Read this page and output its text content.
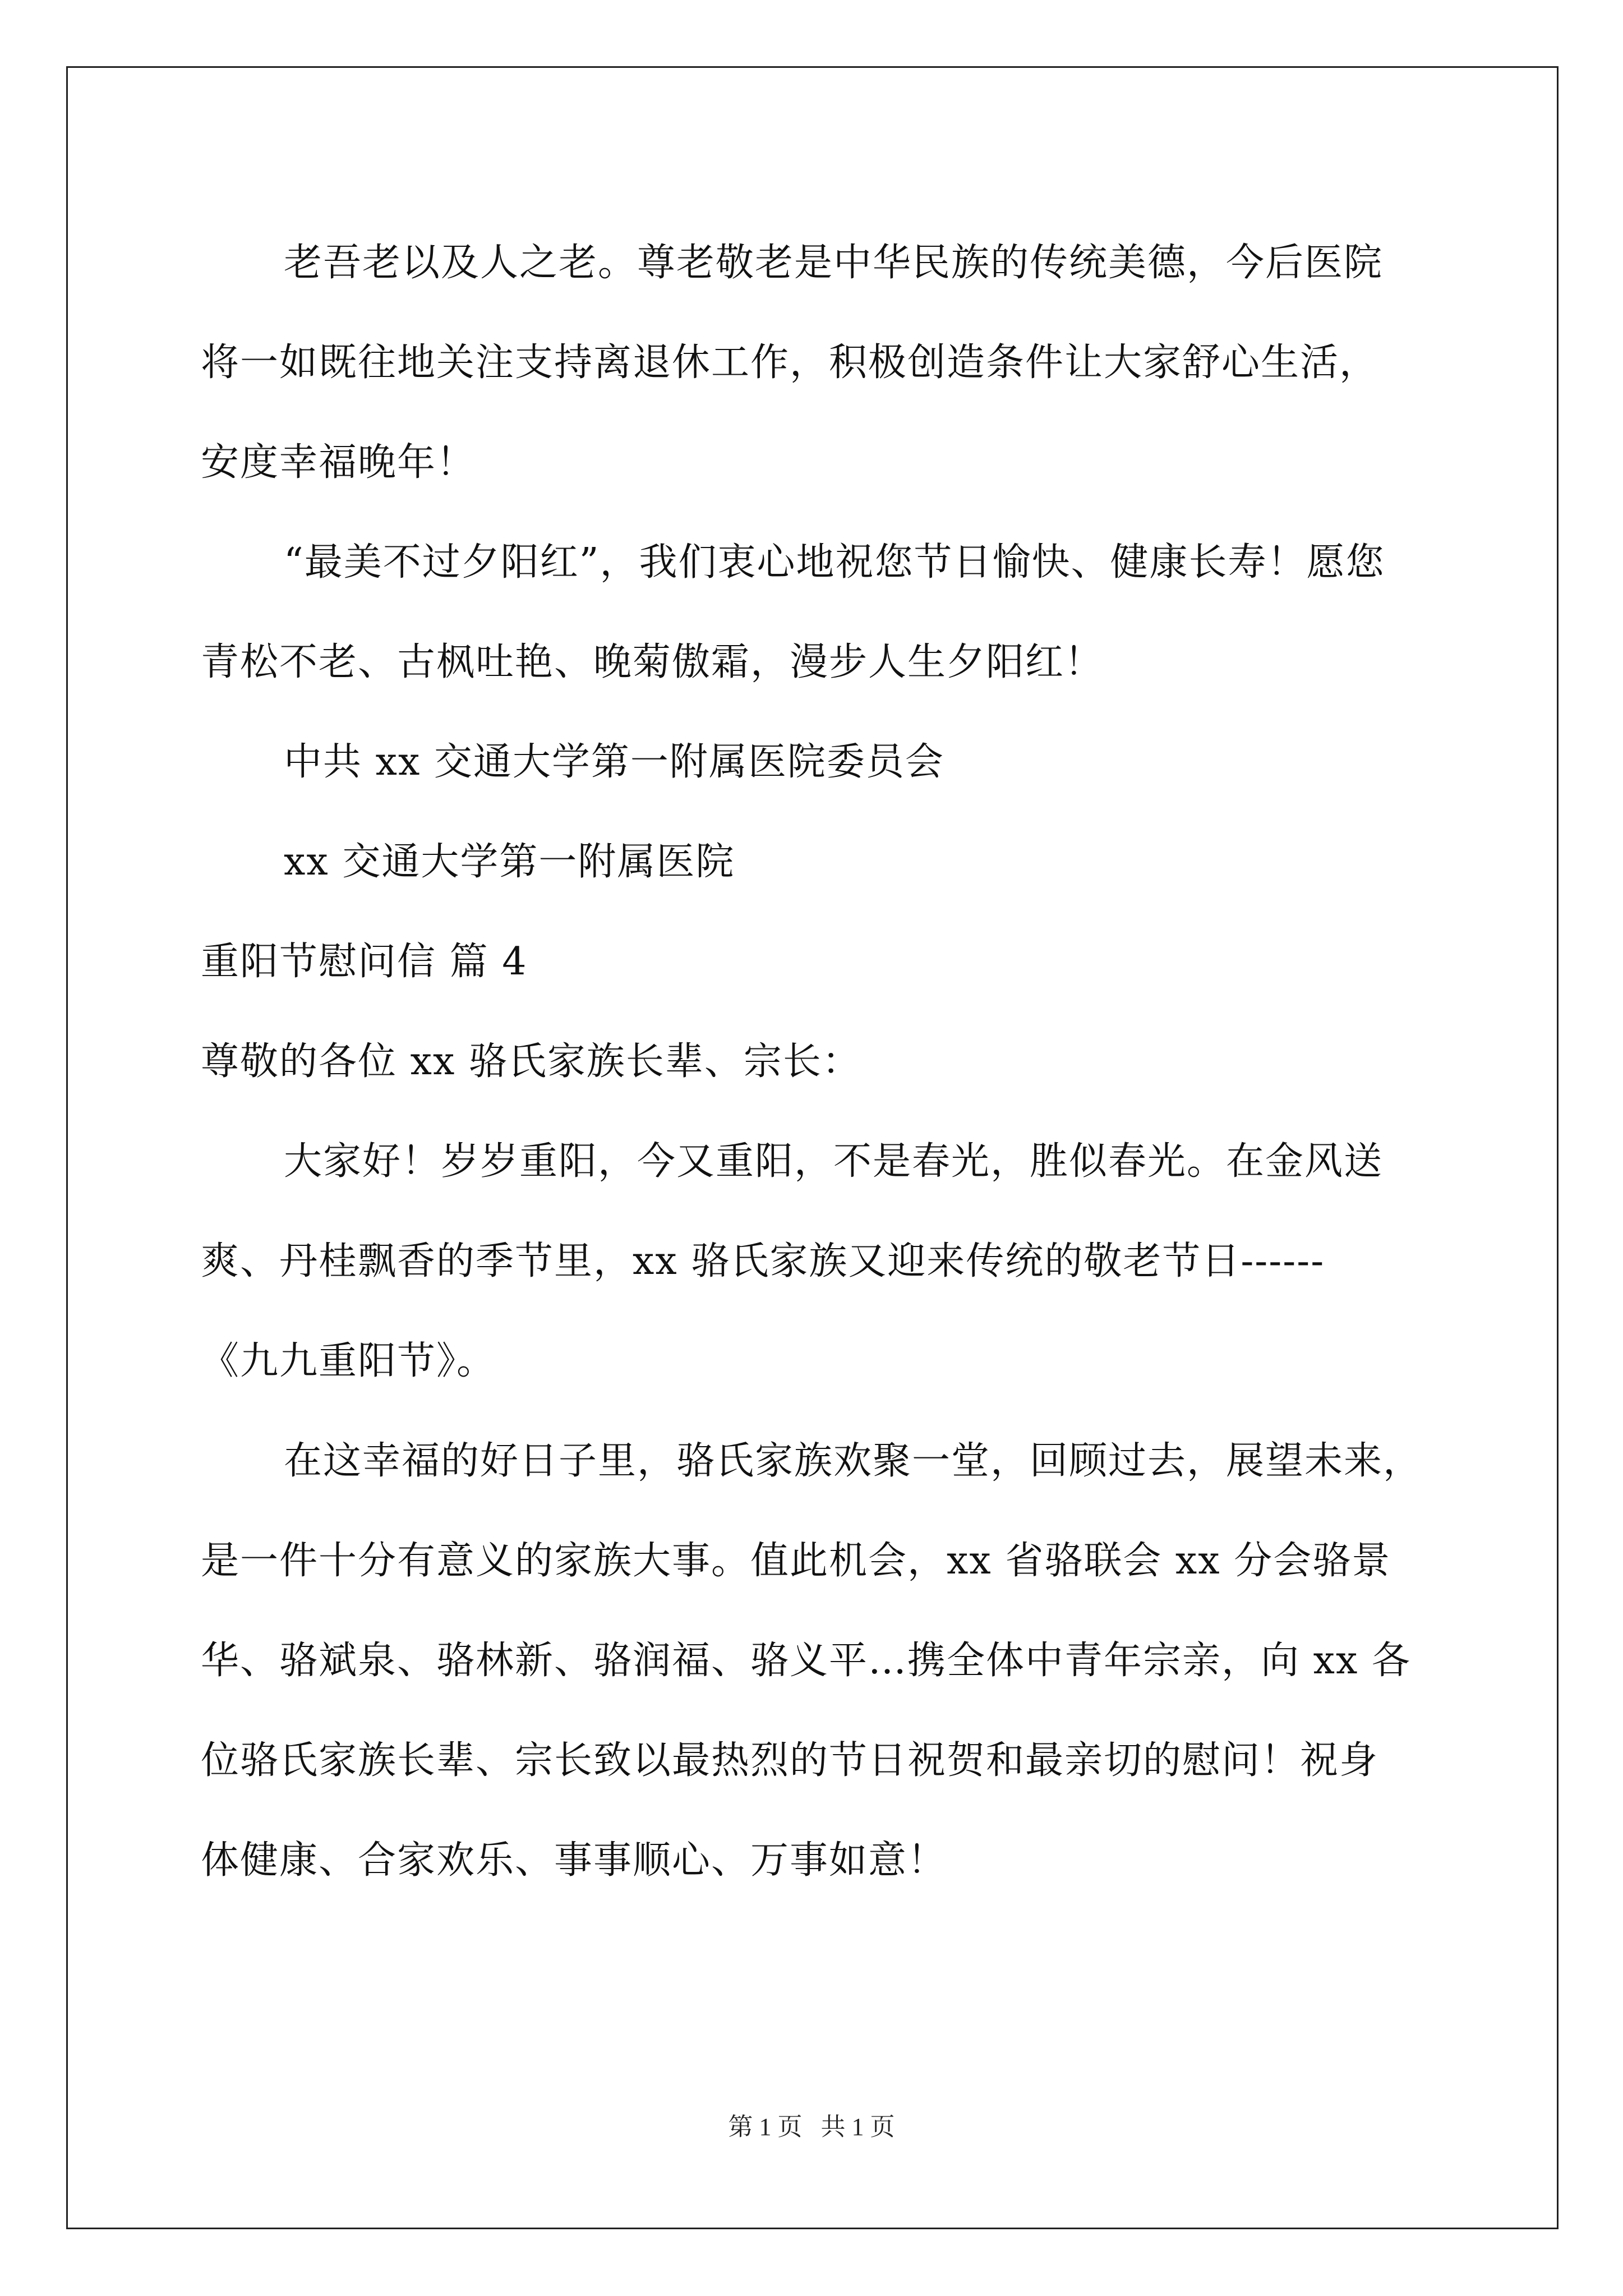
老吾老以及人之老。尊老敬老是中华民族的传统美德，今后医院

将一如既往地关注支持离退休工作，积极创造条件让大家舒心生活，

安度幸福晚年！

“最美不过夕阳红”，我们衷心地祝您节日愉快、健康长寿！愿您

青松不老、古枫吐艳、晚菊傲霜，漫步人生夕阳红！

中共 xx 交通大学第一附属医院委员会

xx 交通大学第一附属医院

重阳节慰问信 篇 4

尊敬的各位 xx 骆氏家族长辈、宗长：

大家好！岁岁重阳，今又重阳，不是春光，胜似春光。在金风送

爽、丹桂飘香的季节里，xx 骆氏家族又迎来传统的敬老节日------

《九九重阳节》。

在这幸福的好日子里，骆氏家族欢聚一堂，回顾过去，展望未来，

是一件十分有意义的家族大事。值此机会，xx 省骆联会 xx 分会骆景

华、骆斌泉、骆林新、骆润福、骆义平…携全体中青年宗亲，向 xx 各

位骆氏家族长辈、宗长致以最热烈的节日祝贺和最亲切的慰问！祝身

体健康、合家欢乐、事事顺心、万事如意！

第 1 页   共 1 页
